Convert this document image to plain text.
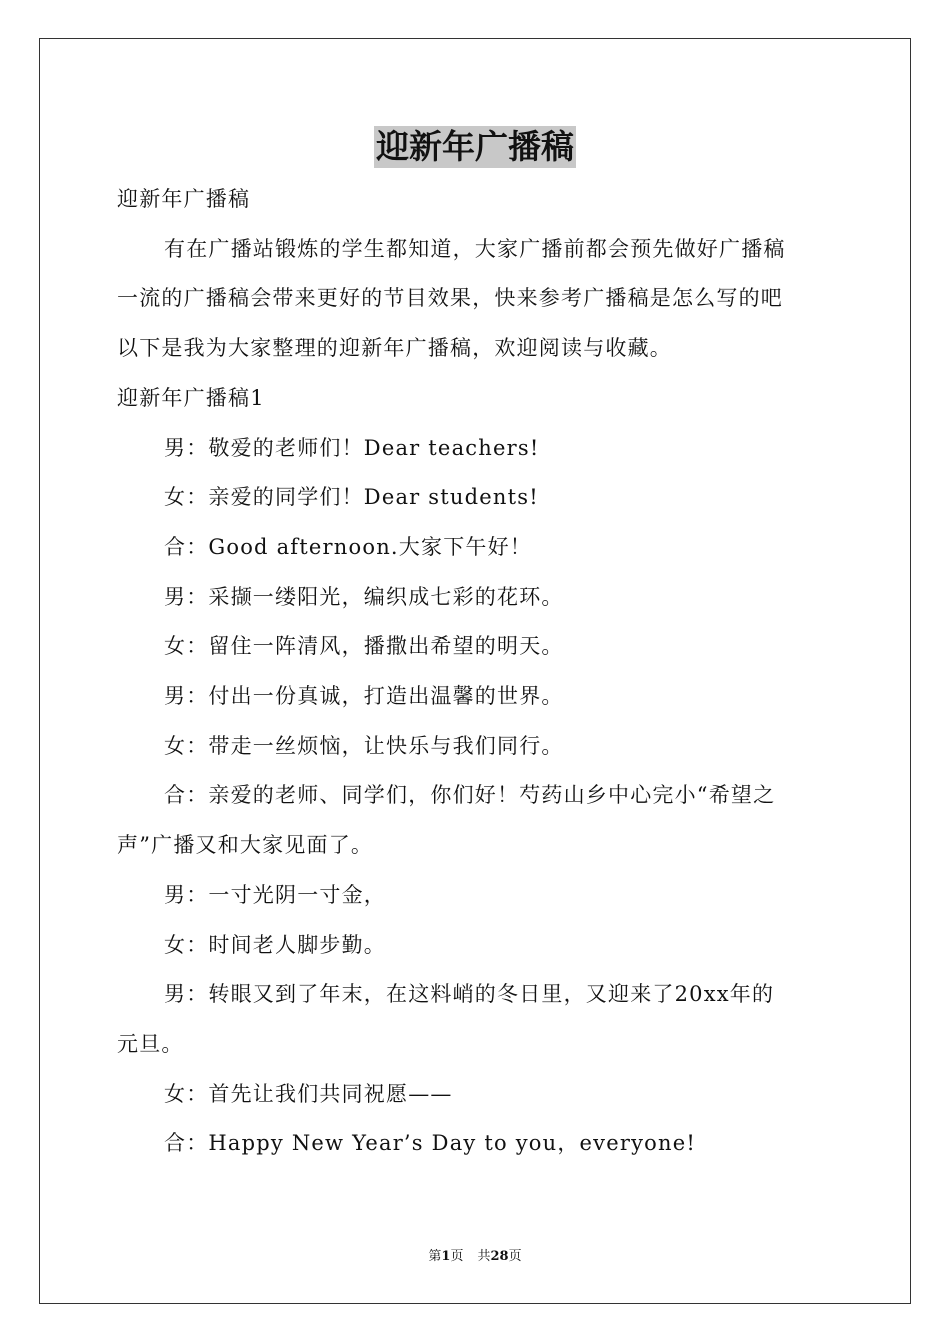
迎新年广播稿
迎新年广播稿
有在广播站锻炼的学生都知道，大家广播前都会预先做好广播稿
一流的广播稿会带来更好的节目效果，快来参考广播稿是怎么写的吧
以下是我为大家整理的迎新年广播稿，欢迎阅读与收藏。
迎新年广播稿1
男：敬爱的老师们！Dear teachers!
女：亲爱的同学们！Dear students!
合：Good afternoon.大家下午好！
男：采撷一缕阳光，编织成七彩的花环。
女：留住一阵清风，播撒出希望的明天。
男：付出一份真诚，打造出温馨的世界。
女：带走一丝烦恼，让快乐与我们同行。
合：亲爱的老师、同学们，你们好！芍药山乡中心完小“希望之
声”广播又和大家见面了。
男：一寸光阴一寸金，
女：时间老人脚步勤。
男：转眼又到了年末，在这料峭的冬日里，又迎来了20xx年的
元旦。
女：首先让我们共同祝愿——
合：Happy New Year’s Day to you，everyone!
第1页 共28页
